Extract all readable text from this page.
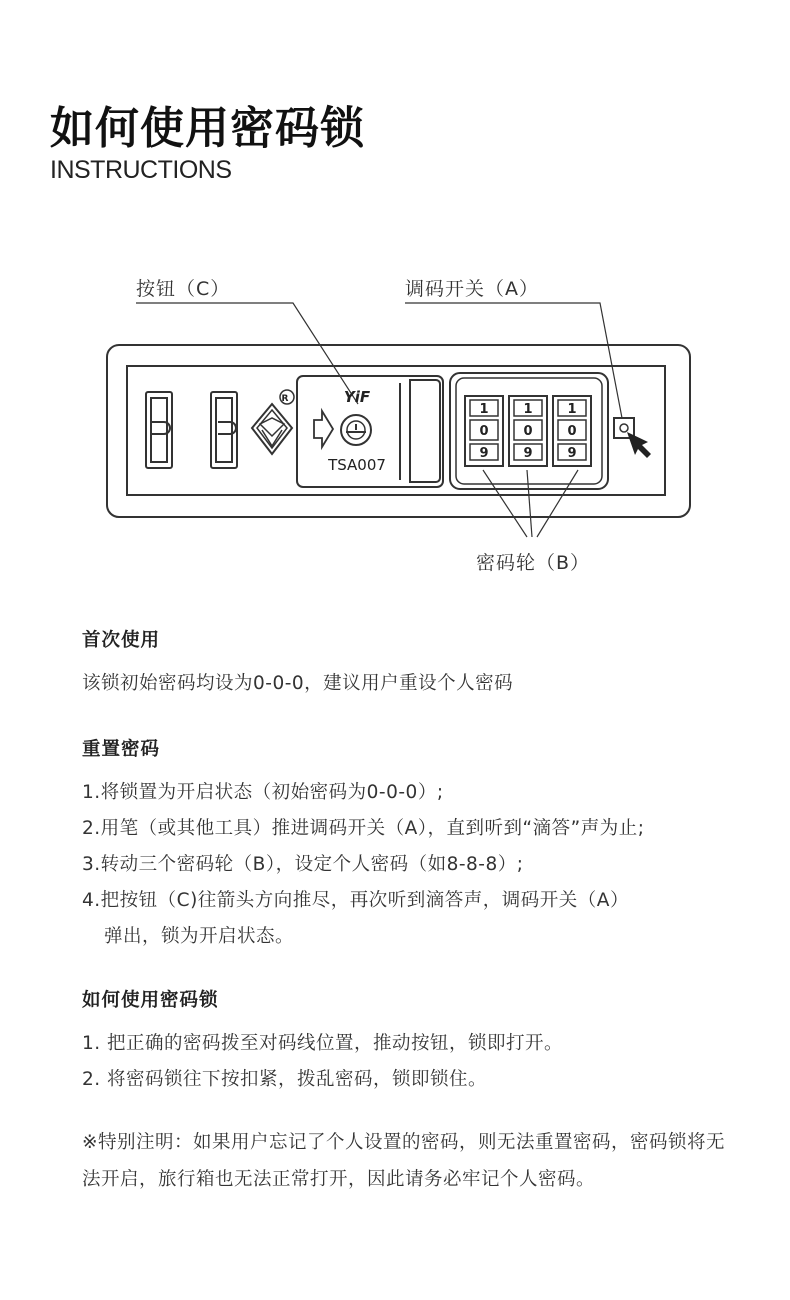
如何使用密码锁
INSTRUCTIONS
按钮（C）	调码开关（A）
密码轮（B）
R	YiF
TSA007
1
0
9
1
0
9
1
0
9
首次使用
该锁初始密码均设为0-0-0，建议用户重设个人密码
重置密码
1.将锁置为开启状态（初始密码为0-0-0）;
2.用笔（或其他工具）推进调码开关（A），直到听到“滴答”声为止;
3.转动三个密码轮（B），设定个人密码（如8-8-8）;
4.把按钮（C)往箭头方向推尽，再次听到滴答声，调码开关（A）
弹出，锁为开启状态。
如何使用密码锁
1. 把正确的密码拨至对码线位置，推动按钮，锁即打开。
2. 将密码锁往下按扣紧，拨乱密码，锁即锁住。
※特别注明：如果用户忘记了个人设置的密码，则无法重置密码，密码锁将无法开启，旅行箱也无法正常打开，因此请务必牢记个人密码。
